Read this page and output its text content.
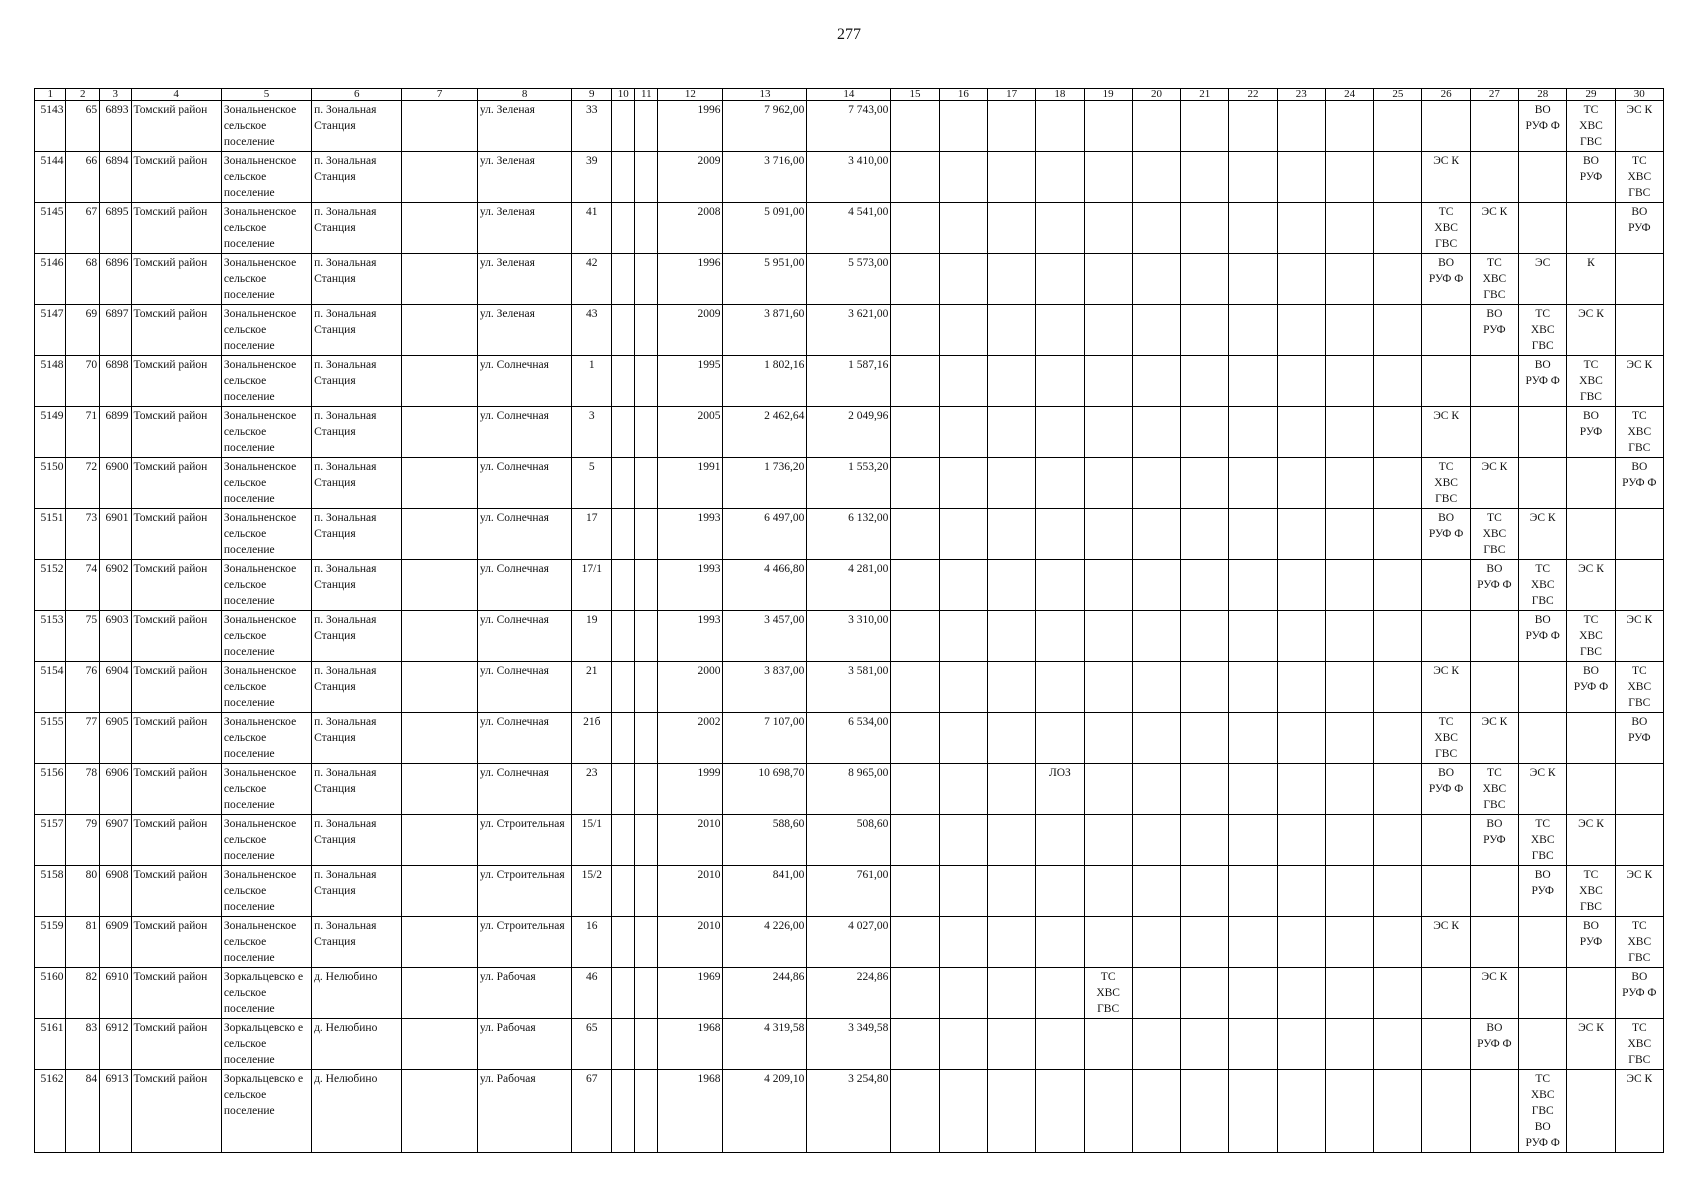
277
1	2	3	4	5	6	7	8	9	10	11	12	13	14	15	16	17	18	19	20	21	22	23	24	25	26	27	28	29	30
5143	65	6893	Томский район	Зональненское сельское поселение	п. Зональная Станция		ул. Зеленая	33			1996	7 962,00	7 743,00														ВО
РУФ Ф	ТС
ХВС
ГВС	ЭС К
5144	66	6894	Томский район	Зональненское сельское поселение	п. Зональная Станция		ул. Зеленая	39			2009	3 716,00	3 410,00												ЭС К			ВО
РУФ	ТС
ХВС
ГВС
5145	67	6895	Томский район	Зональненское сельское поселение	п. Зональная Станция		ул. Зеленая	41			2008	5 091,00	4 541,00												ТС
ХВС
ГВС	ЭС К			ВО
РУФ
5146	68	6896	Томский район	Зональненское сельское поселение	п. Зональная Станция		ул. Зеленая	42			1996	5 951,00	5 573,00												ВО
РУФ Ф	ТС
ХВС
ГВС	ЭС	К	
5147	69	6897	Томский район	Зональненское сельское поселение	п. Зональная Станция		ул. Зеленая	43			2009	3 871,60	3 621,00													ВО
РУФ	ТС
ХВС
ГВС	ЭС К	
5148	70	6898	Томский район	Зональненское сельское поселение	п. Зональная Станция		ул. Солнечная	1			1995	1 802,16	1 587,16														ВО
РУФ Ф	ТС
ХВС
ГВС	ЭС К
5149	71	6899	Томский район	Зональненское сельское поселение	п. Зональная Станция		ул. Солнечная	3			2005	2 462,64	2 049,96												ЭС К			ВО
РУФ	ТС
ХВС
ГВС
5150	72	6900	Томский район	Зональненское сельское поселение	п. Зональная Станция		ул. Солнечная	5			1991	1 736,20	1 553,20												ТС
ХВС
ГВС	ЭС К			ВО
РУФ Ф
5151	73	6901	Томский район	Зональненское сельское поселение	п. Зональная Станция		ул. Солнечная	17			1993	6 497,00	6 132,00												ВО
РУФ Ф	ТС
ХВС
ГВС	ЭС К		
5152	74	6902	Томский район	Зональненское сельское поселение	п. Зональная Станция		ул. Солнечная	17/1			1993	4 466,80	4 281,00													ВО
РУФ Ф	ТС
ХВС
ГВС	ЭС К	
5153	75	6903	Томский район	Зональненское сельское поселение	п. Зональная Станция		ул. Солнечная	19			1993	3 457,00	3 310,00														ВО
РУФ Ф	ТС
ХВС
ГВС	ЭС К
5154	76	6904	Томский район	Зональненское сельское поселение	п. Зональная Станция		ул. Солнечная	21			2000	3 837,00	3 581,00												ЭС К			ВО
РУФ Ф	ТС
ХВС
ГВС
5155	77	6905	Томский район	Зональненское сельское поселение	п. Зональная Станция		ул. Солнечная	21б			2002	7 107,00	6 534,00												ТС
ХВС
ГВС	ЭС К			ВО
РУФ
5156	78	6906	Томский район	Зональненское сельское поселение	п. Зональная Станция		ул. Солнечная	23			1999	10 698,70	8 965,00				ЛОЗ								ВО
РУФ Ф	ТС
ХВС
ГВС	ЭС К		
5157	79	6907	Томский район	Зональненское сельское поселение	п. Зональная Станция		ул. Строительная	15/1			2010	588,60	508,60													ВО
РУФ	ТС
ХВС
ГВС	ЭС К	
5158	80	6908	Томский район	Зональненское сельское поселение	п. Зональная Станция		ул. Строительная	15/2			2010	841,00	761,00														ВО
РУФ	ТС
ХВС
ГВС	ЭС К
5159	81	6909	Томский район	Зональненское сельское поселение	п. Зональная Станция		ул. Строительная	16			2010	4 226,00	4 027,00												ЭС К			ВО
РУФ	ТС
ХВС
ГВС
5160	82	6910	Томский район	Зоркальцевско е сельское поселение	д. Нелюбино		ул. Рабочая	46			1969	244,86	224,86					ТС
ХВС
ГВС								ЭС К			ВО
РУФ Ф
5161	83	6912	Томский район	Зоркальцевско е сельское поселение	д. Нелюбино		ул. Рабочая	65			1968	4 319,58	3 349,58													ВО
РУФ Ф		ЭС К	ТС
ХВС
ГВС
5162	84	6913	Томский район	Зоркальцевско е сельское поселение	д. Нелюбино		ул. Рабочая	67			1968	4 209,10	3 254,80														ТС
ХВС
ГВС
ВО
РУФ Ф		ЭС К
